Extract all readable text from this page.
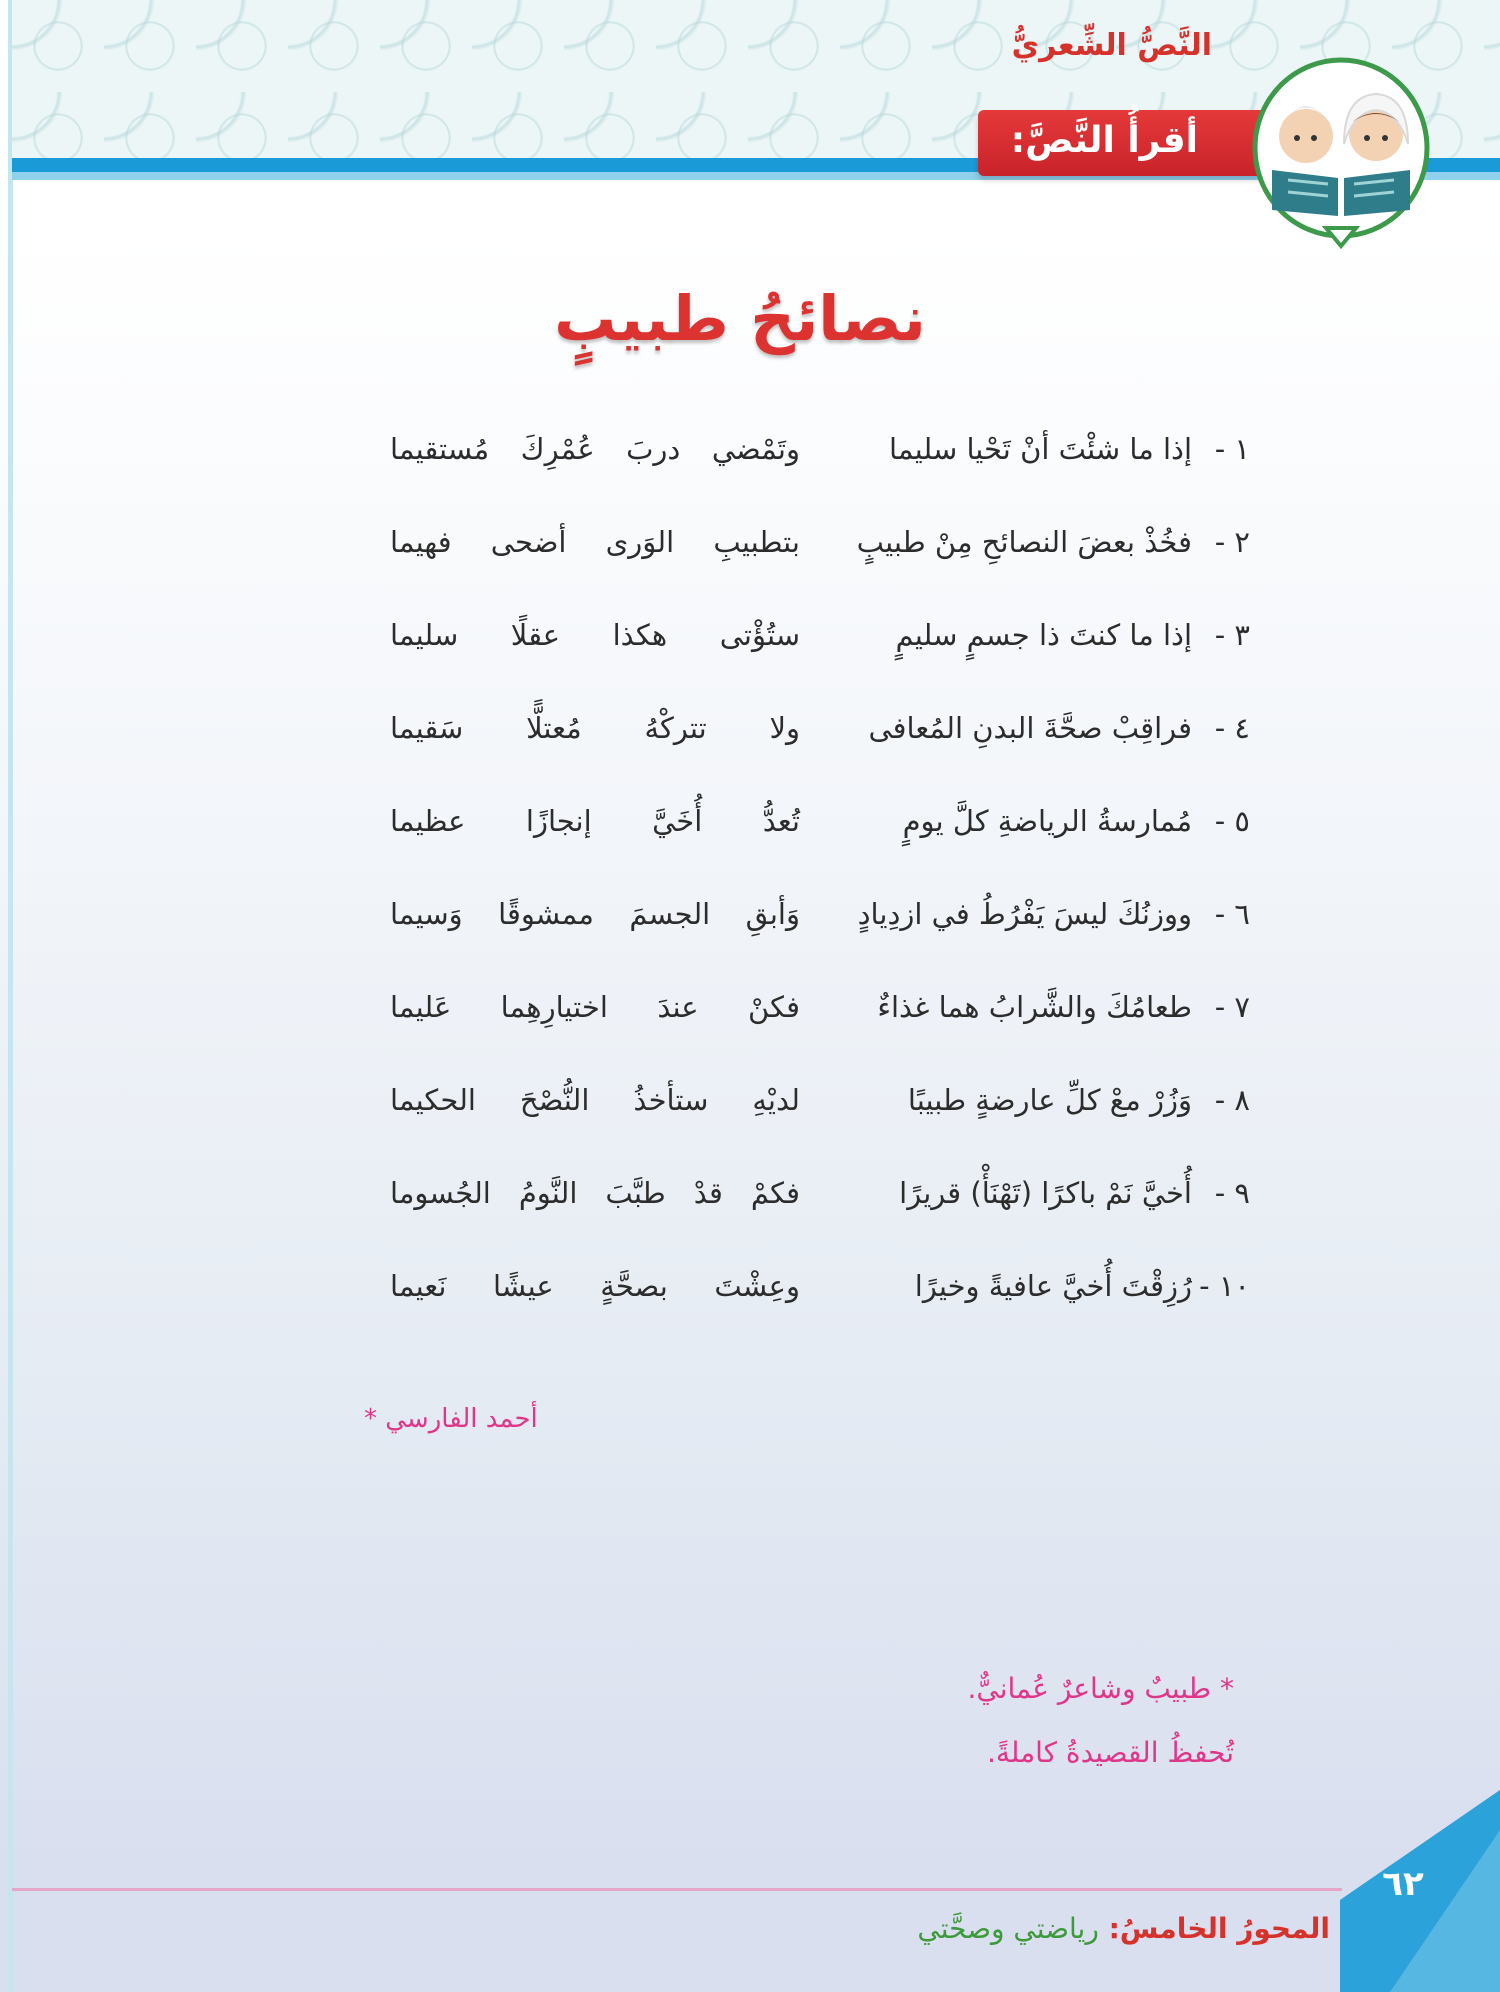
النَّصُّ الشِّعريُّ
أقرأُ النَّصَّ:
نصائحُ طبيبٍ
١ -
إذا ما شئْتَ أنْ تَحْيا سليما
وتَمْضي دربَ عُمْرِكَ مُستقيما
٢ -
فخُذْ بعضَ النصائحِ مِنْ طبيبٍ
بتطبيبِ الوَرى أضحى فهيما
٣ -
إذا ما كنتَ ذا جسمٍ سليمٍ
ستُؤْتى هكذا عقلًا سليما
٤ -
فراقِبْ صحَّةَ البدنِ المُعافى
ولا تتركْهُ مُعتلًّا سَقيما
٥ -
مُمارسةُ الرياضةِ كلَّ يومٍ
تُعدُّ أُخَيَّ إنجازًا عظيما
٦ -
ووزنُكَ ليسَ يَفْرُطُ في ازدِيادٍ
وَأبقِ الجسمَ ممشوقًا وَسيما
٧ -
طعامُكَ والشَّرابُ هما غذاءٌ
فكنْ عندَ اختيارِهِما عَليما
٨ -
وَزُرْ معْ كلِّ عارضةٍ طبيبًا
لديْهِ ستأخذُ النُّصْحَ الحكيما
٩ -
أُخيَّ نَمْ باكرًا (تَهْنَأْ) قريرًا
فكمْ قدْ طبَّبَ النَّومُ الجُسوما
١٠ -
رُزِقْتَ أُخيَّ عافيةً وخيرًا
وعِشْتَ بصحَّةٍ عيشًا نَعيما
أحمد الفارسي *
* طبيبٌ وشاعرٌ عُمانيٌّ.
تُحفظُ القصيدةُ كاملةً.
٦٢
المحورُ الخامسُ: رياضتي وصحَّتي
